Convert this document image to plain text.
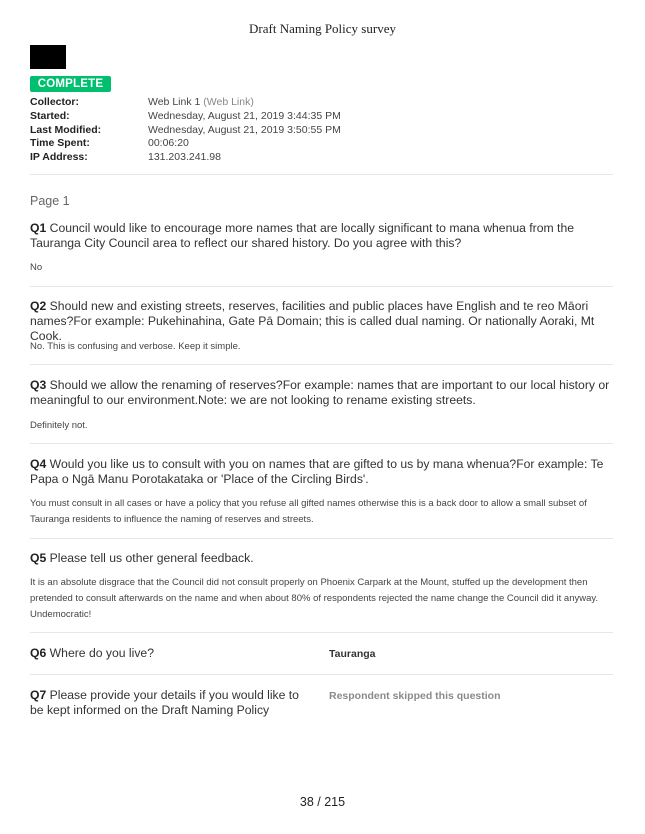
Draft Naming Policy survey
COMPLETE
Collector:	Web Link 1 (Web Link)
Started:	Wednesday, August 21, 2019 3:44:35 PM
Last Modified:	Wednesday, August 21, 2019 3:50:55 PM
Time Spent:	00:06:20
IP Address:	131.203.241.98
Page 1
Q1 Council would like to encourage more names that are locally significant to mana whenua from the Tauranga City Council area to reflect our shared history. Do you agree with this?
No
Q2 Should new and existing streets, reserves, facilities and public places have English and te reo Māori names?For example: Pukehinahina, Gate Pā Domain; this is called dual naming. Or nationally Aoraki, Mt Cook.
No. This is confusing and verbose. Keep it simple.
Q3 Should we allow the renaming of reserves?For example: names that are important to our local history or meaningful to our environment.Note: we are not looking to rename existing streets.
Definitely not.
Q4 Would you like us to consult with you on names that are gifted to us by mana whenua?For example: Te Papa o Ngā Manu Porotakataka or 'Place of the Circling Birds'.
You must consult in all cases or have a policy that you refuse all gifted names otherwise this is a back door to allow a small subset of Tauranga residents to influence the naming of reserves and streets.
Q5 Please tell us other general feedback.
It is an absolute disgrace that the Council did not consult properly on Phoenix Carpark at the Mount, stuffed up the development then pretended to consult afterwards on the name and when about 80% of respondents rejected the name change the Council did it anyway. Undemocratic!
Q6 Where do you live?	Tauranga
Q7 Please provide your details if you would like to be kept informed on the Draft Naming Policy
Respondent skipped this question
38 / 215
